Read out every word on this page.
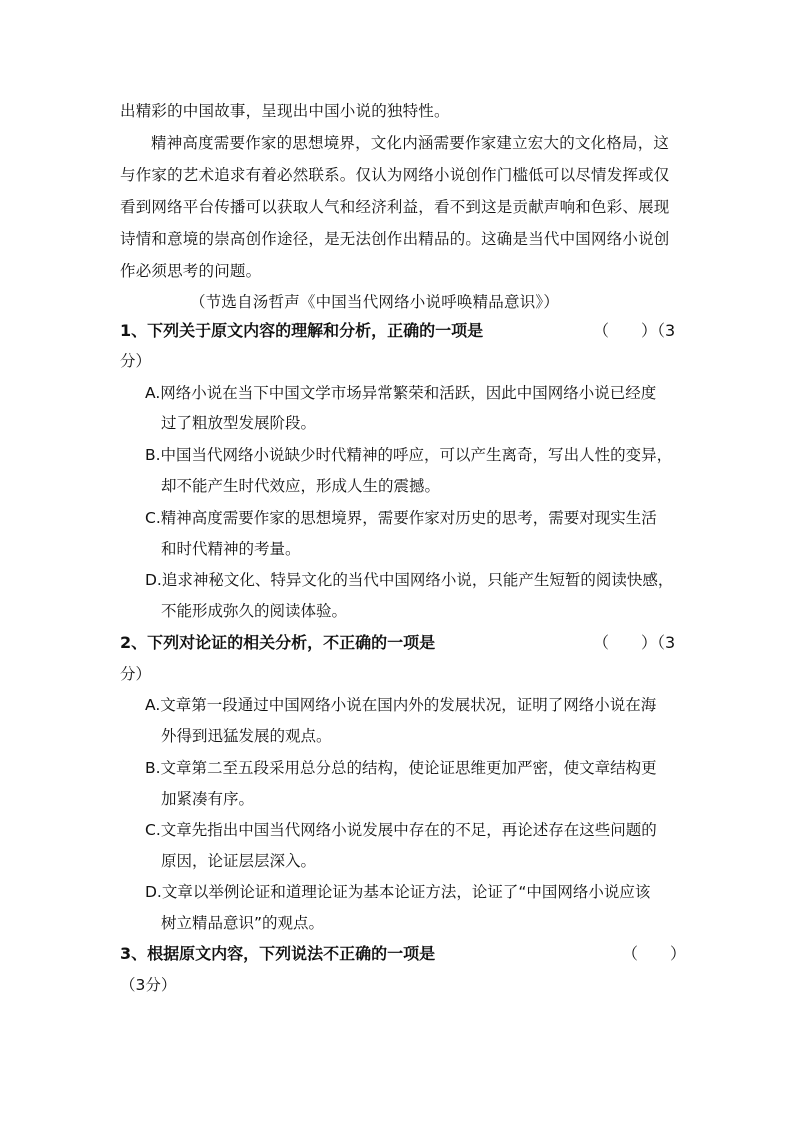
出精彩的中国故事，呈现出中国小说的独特性。
精神高度需要作家的思想境界，文化内涵需要作家建立宏大的文化格局，这
与作家的艺术追求有着必然联系。仅认为网络小说创作门槛低可以尽情发挥或仅
看到网络平台传播可以获取人气和经济利益，看不到这是贡献声响和色彩、展现
诗情和意境的崇高创作途径，是无法创作出精品的。这确是当代中国网络小说创
作必须思考的问题。
（节选自汤哲声《中国当代网络小说呼唤精品意识》）
1、下列关于原文内容的理解和分析，正确的一项是	（　　）（3
分）
A.网络小说在当下中国文学市场异常繁荣和活跃，因此中国网络小说已经度
过了粗放型发展阶段。
B.中国当代网络小说缺少时代精神的呼应，可以产生离奇，写出人性的变异，
却不能产生时代效应，形成人生的震撼。
C.精神高度需要作家的思想境界，需要作家对历史的思考，需要对现实生活
和时代精神的考量。
D.追求神秘文化、特异文化的当代中国网络小说，只能产生短暂的阅读快感，
不能形成弥久的阅读体验。
2、下列对论证的相关分析，不正确的一项是	（　　）（3
分）
A.文章第一段通过中国网络小说在国内外的发展状况，证明了网络小说在海
外得到迅猛发展的观点。
B.文章第二至五段采用总分总的结构，使论证思维更加严密，使文章结构更
加紧凑有序。
C.文章先指出中国当代网络小说发展中存在的不足，再论述存在这些问题的
原因，论证层层深入。
D.文章以举例论证和道理论证为基本论证方法，论证了“中国网络小说应该
树立精品意识”的观点。
3、根据原文内容，下列说法不正确的一项是	（　　）
（3分）
